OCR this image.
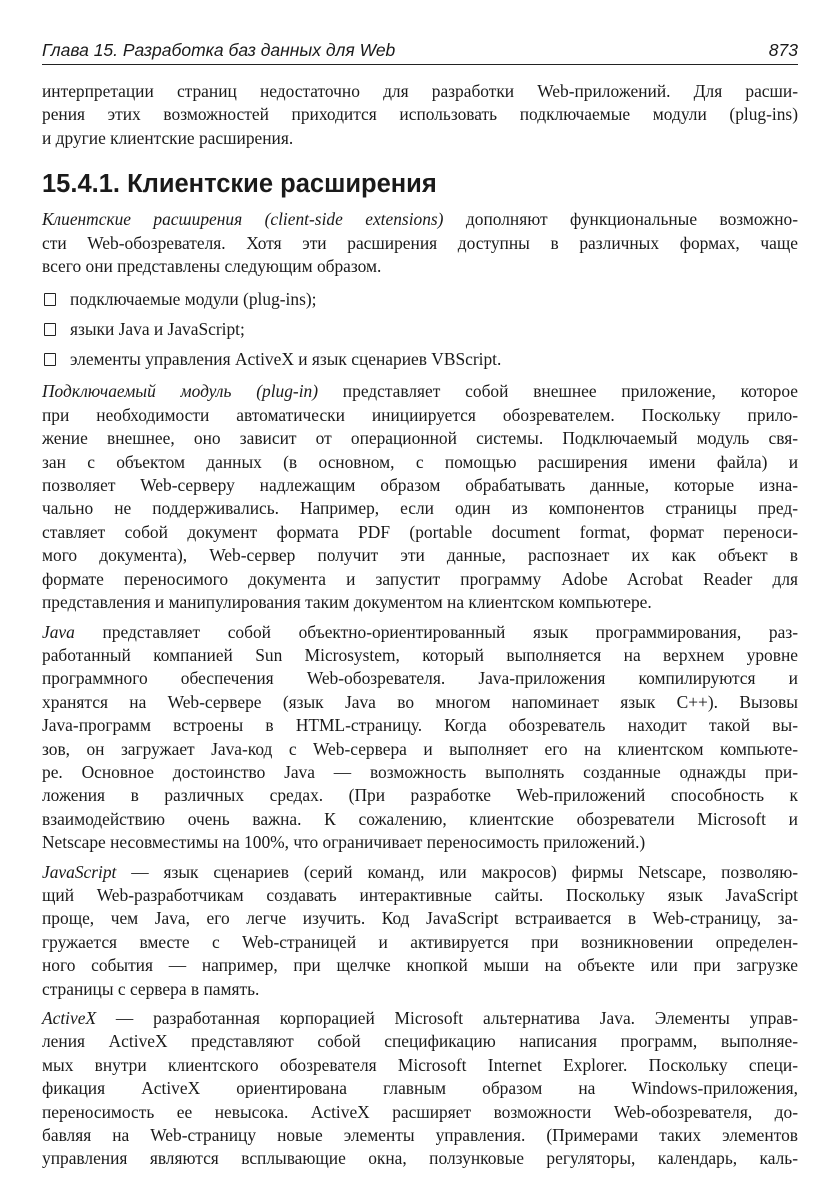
Глава 15. Разработка баз данных для Web	873
интерпретации страниц недостаточно для разработки Web-приложений. Для расши-
рения этих возможностей приходится использовать подключаемые модули (plug-ins)
и другие клиентские расширения.
15.4.1. Клиентские расширения
Клиентские расширения (client-side extensions) дополняют функциональные возможно-
сти Web-обозревателя. Хотя эти расширения доступны в различных формах, чаще
всего они представлены следующим образом.
подключаемые модули (plug-ins);
языки Java и JavaScript;
элементы управления ActiveX и язык сценариев VBScript.
Подключаемый модуль (plug-in) представляет собой внешнее приложение, которое
при необходимости автоматически инициируется обозревателем. Поскольку прило-
жение внешнее, оно зависит от операционной системы. Подключаемый модуль свя-
зан с объектом данных (в основном, с помощью расширения имени файла) и
позволяет Web-серверу надлежащим образом обрабатывать данные, которые изна-
чально не поддерживались. Например, если один из компонентов страницы пред-
ставляет собой документ формата PDF (portable document format, формат переноси-
мого документа), Web-сервер получит эти данные, распознает их как объект в
формате переносимого документа и запустит программу Adobe Acrobat Reader для
представления и манипулирования таким документом на клиентском компьютере.
Java представляет собой объектно-ориентированный язык программирования, раз-
работанный компанией Sun Microsystem, который выполняется на верхнем уровне
программного обеспечения Web-обозревателя. Java-приложения компилируются и
хранятся на Web-сервере (язык Java во многом напоминает язык C++). Вызовы
Java-программ встроены в HTML-страницу. Когда обозреватель находит такой вы-
зов, он загружает Java-код с Web-сервера и выполняет его на клиентском компьюте-
ре. Основное достоинство Java — возможность выполнять созданные однажды при-
ложения в различных средах. (При разработке Web-приложений способность к
взаимодействию очень важна. К сожалению, клиентские обозреватели Microsoft и
Netscape несовместимы на 100%, что ограничивает переносимость приложений.)
JavaScript — язык сценариев (серий команд, или макросов) фирмы Netscape, позволяю-
щий Web-разработчикам создавать интерактивные сайты. Поскольку язык JavaScript
проще, чем Java, его легче изучить. Код JavaScript встраивается в Web-страницу, за-
гружается вместе с Web-страницей и активируется при возникновении определен-
ного события — например, при щелчке кнопкой мыши на объекте или при загрузке
страницы с сервера в память.
ActiveX — разработанная корпорацией Microsoft альтернатива Java. Элементы управ-
ления ActiveX представляют собой спецификацию написания программ, выполняе-
мых внутри клиентского обозревателя Microsoft Internet Explorer. Поскольку специ-
фикация ActiveX ориентирована главным образом на Windows-приложения,
переносимость ее невысока. ActiveX расширяет возможности Web-обозревателя, до-
бавляя на Web-страницу новые элементы управления. (Примерами таких элементов
управления являются всплывающие окна, ползунковые регуляторы, календарь, каль-
